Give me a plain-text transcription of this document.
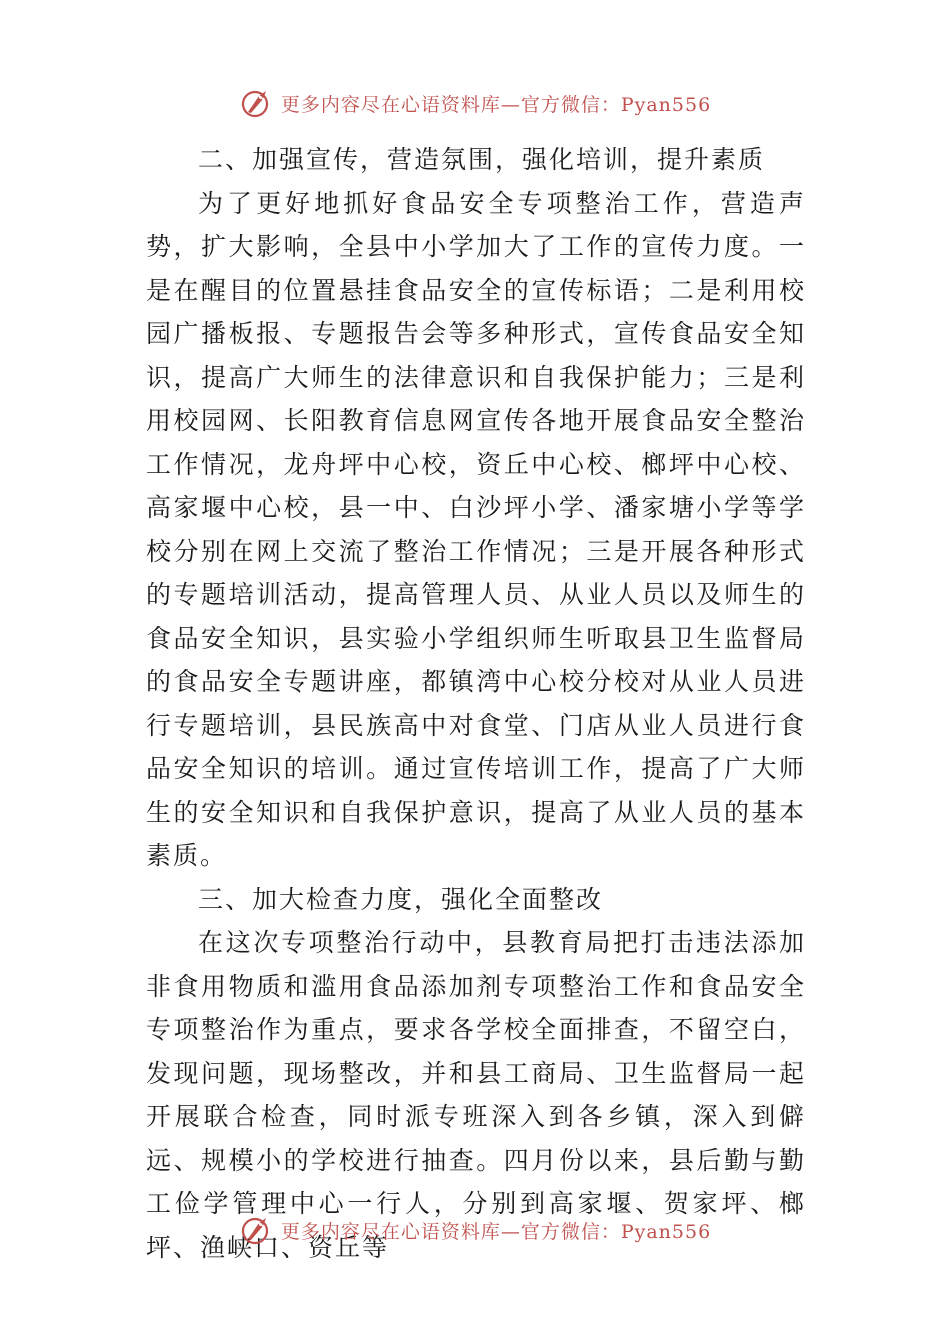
更多内容尽在心语资料库—官方微信：Pyan556

二、加强宣传，营造氛围，强化培训，提升素质

为了更好地抓好食品安全专项整治工作，营造声势，扩大影响，全县中小学加大了工作的宣传力度。一是在醒目的位置悬挂食品安全的宣传标语；二是利用校园广播板报、专题报告会等多种形式，宣传食品安全知识，提高广大师生的法律意识和自我保护能力；三是利用校园网、长阳教育信息网宣传各地开展食品安全整治工作情况，龙舟坪中心校，资丘中心校、榔坪中心校、高家堰中心校，县一中、白沙坪小学、潘家塘小学等学校分别在网上交流了整治工作情况；三是开展各种形式的专题培训活动，提高管理人员、从业人员以及师生的食品安全知识，县实验小学组织师生听取县卫生监督局的食品安全专题讲座，都镇湾中心校分校对从业人员进行专题培训，县民族高中对食堂、门店从业人员进行食品安全知识的培训。通过宣传培训工作，提高了广大师生的安全知识和自我保护意识，提高了从业人员的基本素质。

三、加大检查力度，强化全面整改

在这次专项整治行动中，县教育局把打击违法添加非食用物质和滥用食品添加剂专项整治工作和食品安全专项整治作为重点，要求各学校全面排查，不留空白，发现问题，现场整改，并和县工商局、卫生监督局一起开展联合检查，同时派专班深入到各乡镇，深入到僻远、规模小的学校进行抽查。四月份以来，县后勤与勤工俭学管理中心一行人，分别到高家堰、贺家坪、榔坪、渔峡口、资丘等

更多内容尽在心语资料库—官方微信：Pyan556
